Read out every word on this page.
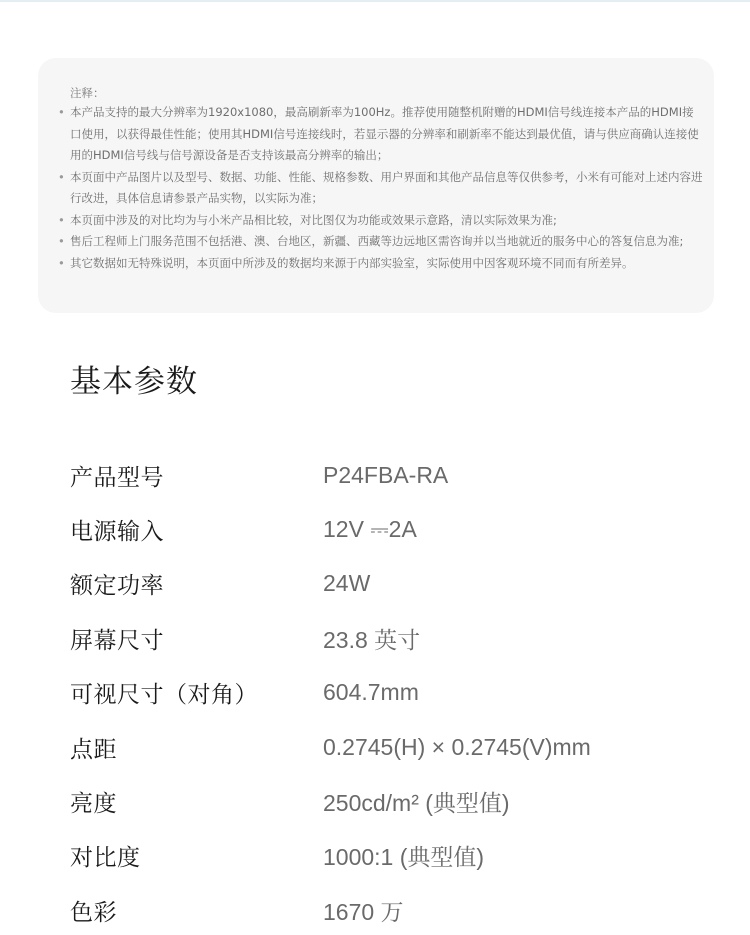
注释：
• 本产品支持的最大分辨率为1920x1080，最高刷新率为100Hz。推荐使用随整机附赠的HDMI信号线连接本产品的HDMI接口使用，以获得最佳性能；使用其HDMI信号连接线时，若显示器的分辨率和刷新率不能达到最优值，请与供应商确认连接使用的HDMI信号线与信号源设备是否支持该最高分辨率的输出；
• 本页面中产品图片以及型号、数据、功能、性能、规格参数、用户界面和其他产品信息等仅供参考，小米有可能对上述内容进行改进，具体信息请参景产品实物，以实际为准；
• 本页面中涉及的对比均为与小米产品相比较，对比图仅为功能或效果示意路，清以实际效果为准;
• 售后工程师上门服务范围不包括港、澳、台地区，新疆、西藏等边远地区需咨询并以当地就近的服务中心的答复信息为准;
• 其它数据如无特殊说明，本页面中所涉及的数据均来源于内部实验室，实际使用中因客观环境不同而有所差异。
基本参数
产品型号	P24FBA-RA
电源输入	12V ⎓2A
额定功率	24W
屏幕尺寸	23.8 英寸
可视尺寸（对角）	604.7mm
点距	0.2745(H) × 0.2745(V)mm
亮度	250cd/m² (典型值)
对比度	1000:1 (典型值)
色彩	1670 万
